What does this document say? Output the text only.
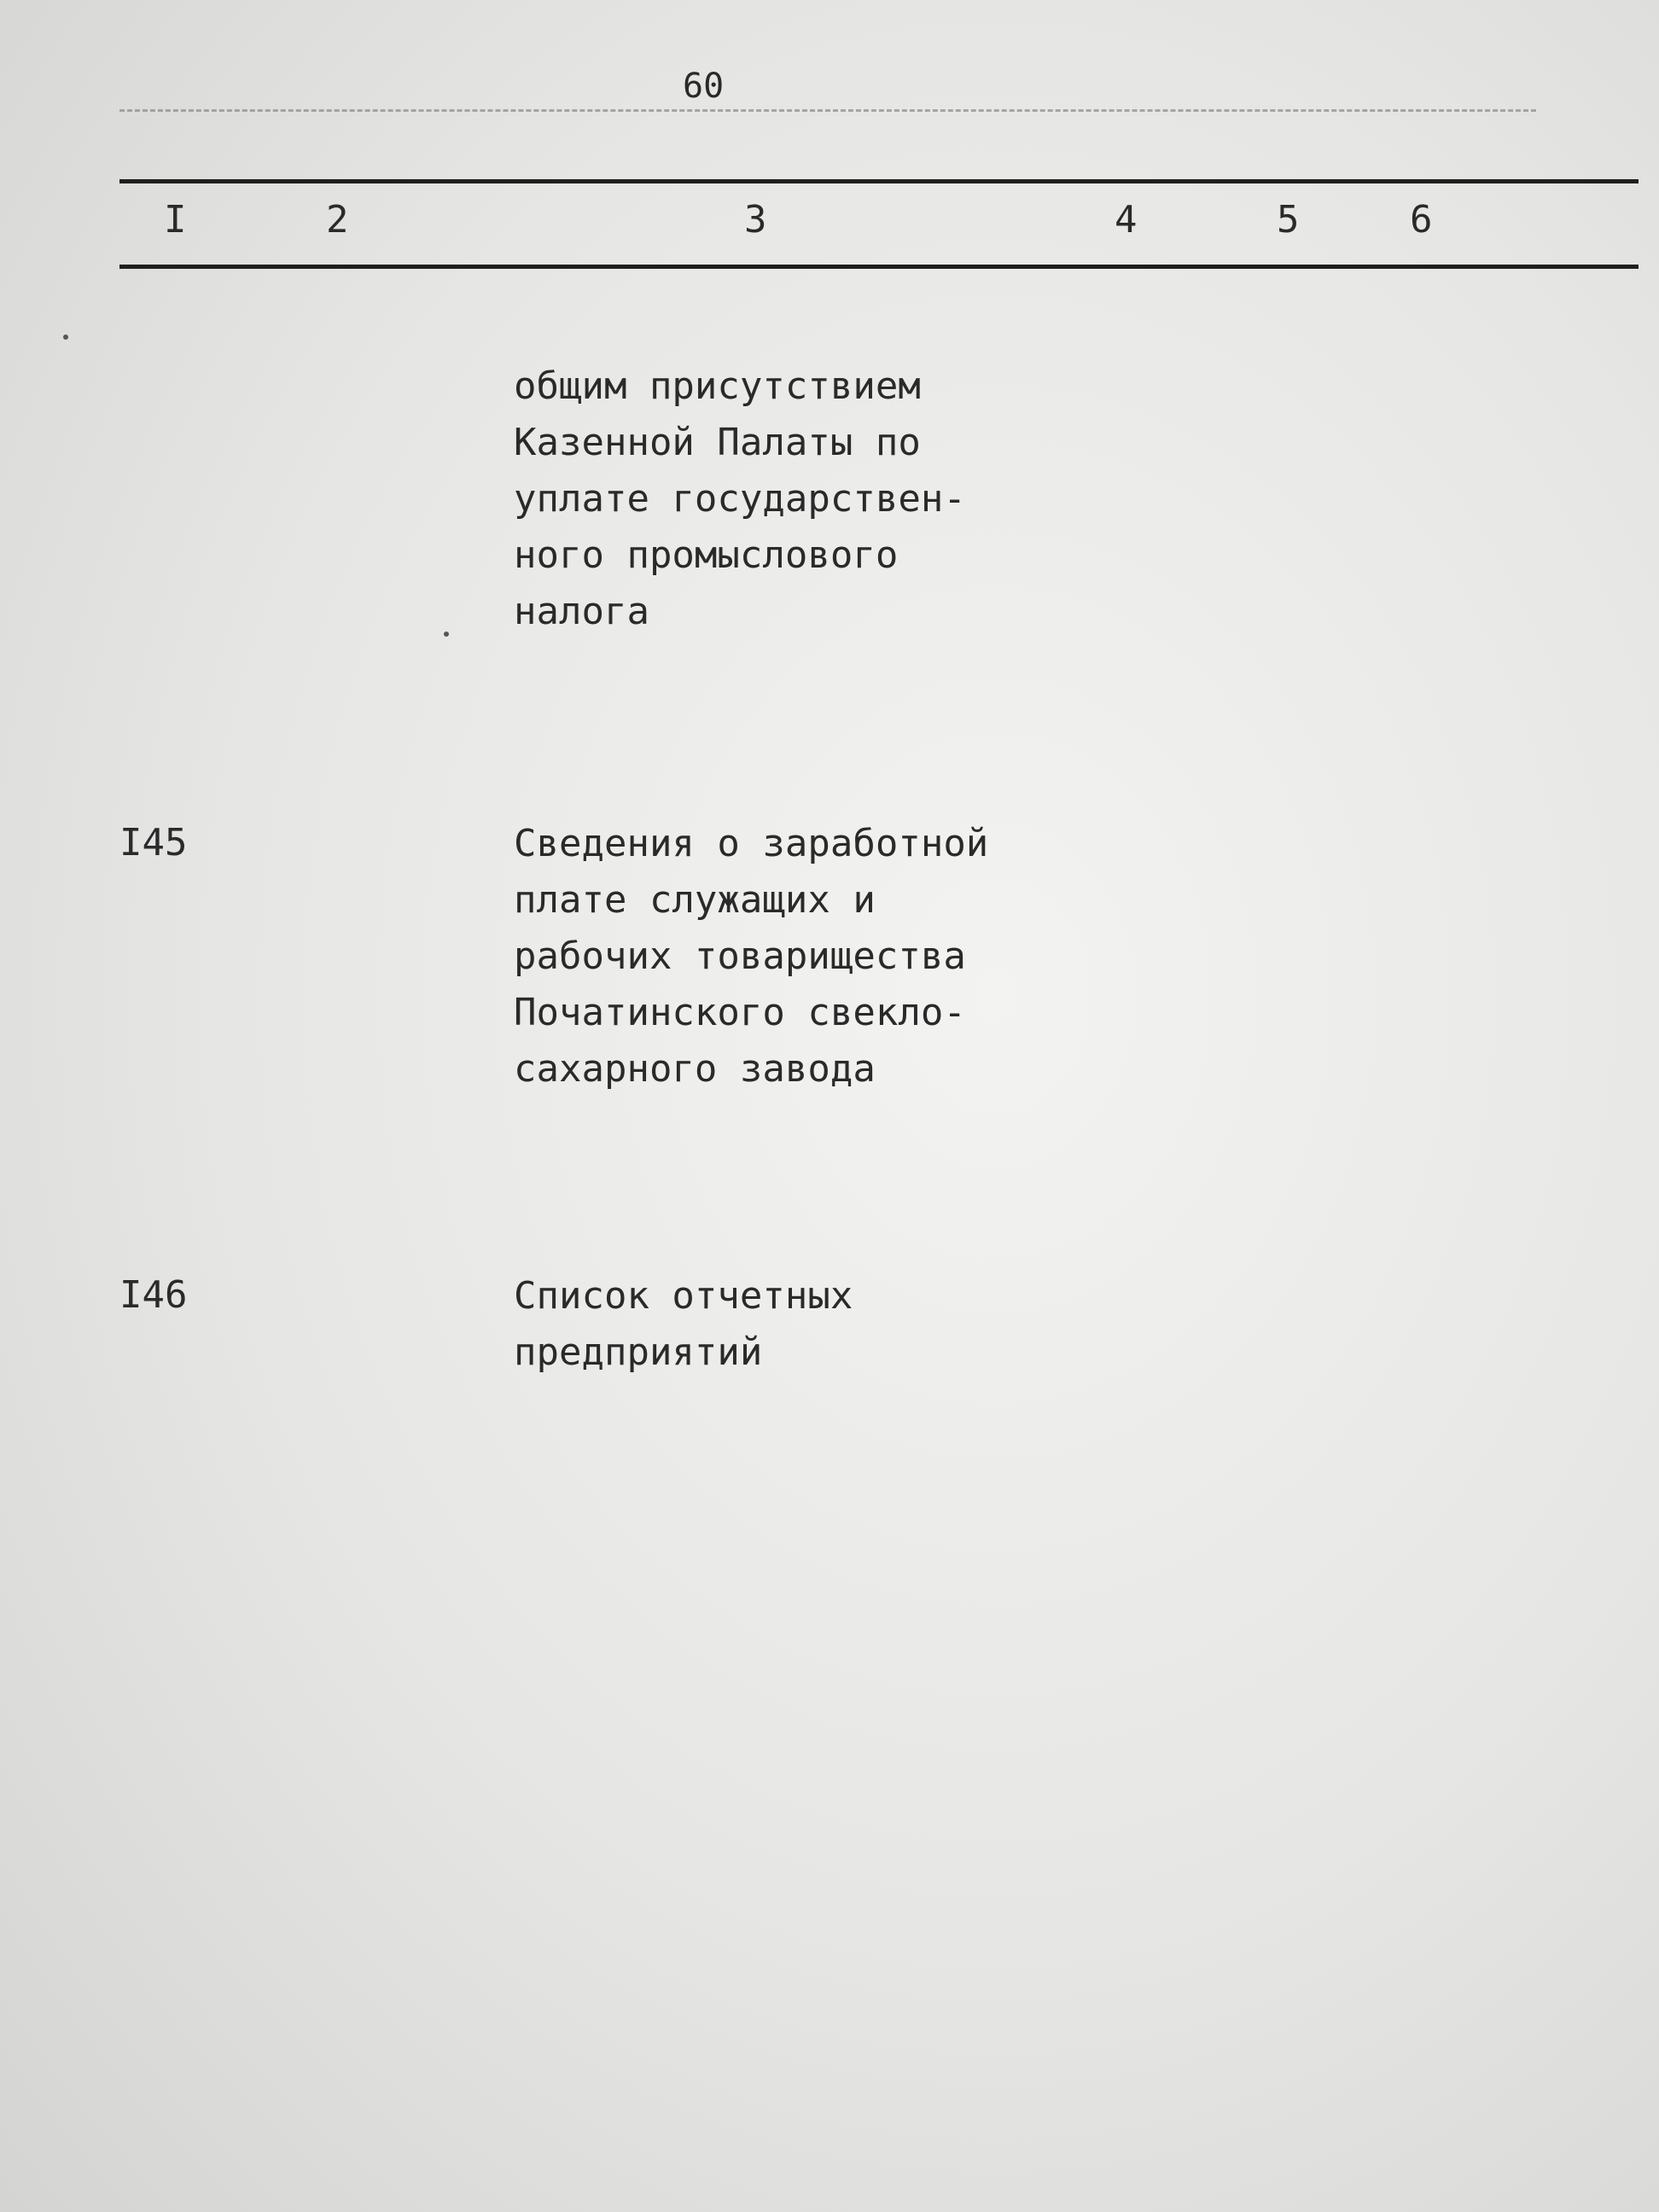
60
I	2	3	4	5	6
общим присутствием
Казенной Палаты по
уплате государствен-
ного промыслового
налога
I45	Сведения о заработной
плате служащих и
рабочих товарищества
Початинского свекло-
сахарного завода
I46	Список отчетных
предприятий
